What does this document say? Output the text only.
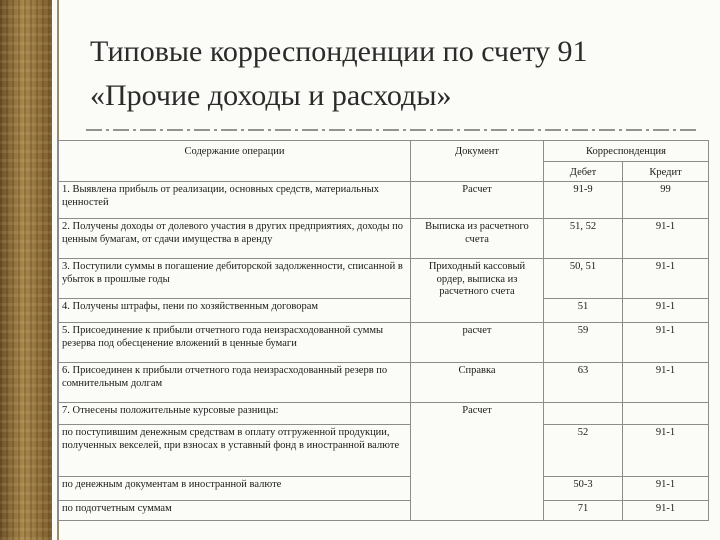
Типовые корреспонденции по счету 91
«Прочие доходы и расходы»
Содержание операции	Документ	Корреспонденция	
		Дебет	Кредит
1. Выявлена прибыль от реализации, основных средств, материальных ценностей	Расчет	91-9	99
2. Получены доходы от долевого участия в других предприятиях, доходы по ценным бумагам, от сдачи имущества в аренду	Выписка из расчетного счета	51, 52	91-1
3. Поступили суммы в погашение дебиторской задолженности, списанной в убыток в прошлые годы	Приходный кассовый ордер, выписка из расчетного счета	50, 51	91-1
4. Получены штрафы, пени по хозяйственным договорам		51	91-1
5. Присоединение к прибыли отчетного года неизрасходованной суммы резерва под обесценение вложений в ценные бумаги	расчет	59	91-1
6. Присоединен к прибыли отчетного года неизрасходованный резерв по сомнительным долгам	Справка	63	91-1
7. Отнесены положительные курсовые разницы:	Расчет		
по поступившим денежным средствам в оплату отгруженной продукции, полученных векселей, при взносах в уставный фонд в иностранной валюте		52	91-1
по денежным документам в иностранной валюте		50-3	91-1
по подотчетным суммам		71	91-1
